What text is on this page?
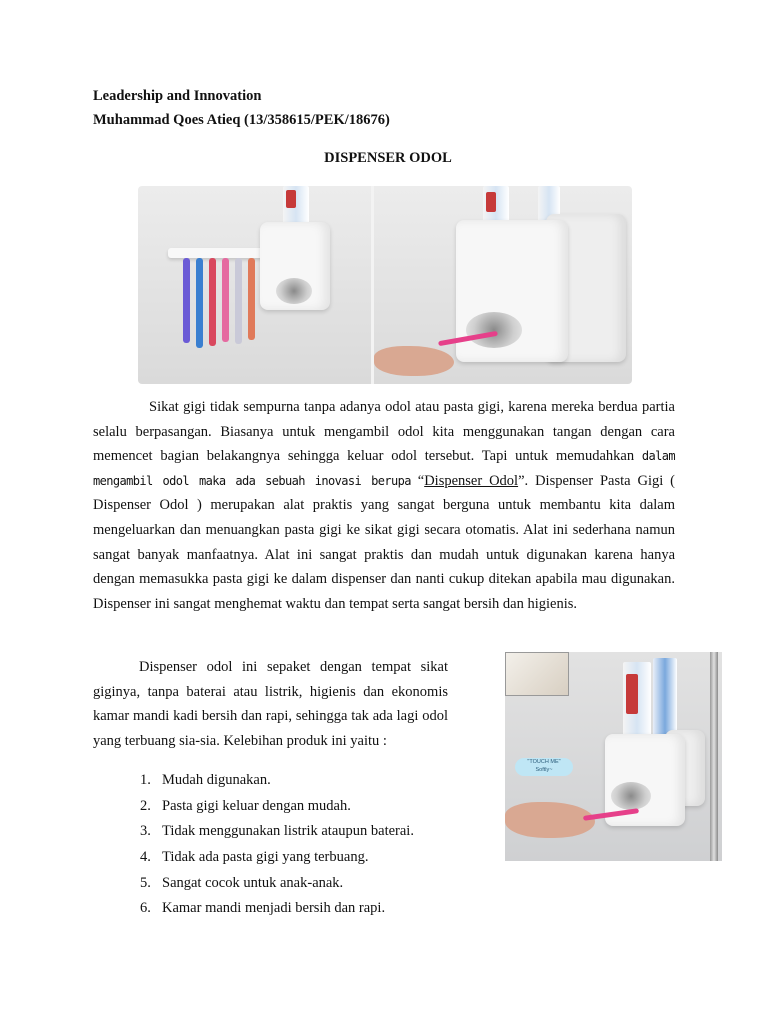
Leadership and Innovation
Muhammad Qoes Atieq (13/358615/PEK/18676)
DISPENSER ODOL

Sikat gigi tidak sempurna tanpa adanya odol atau pasta gigi, karena mereka berdua partia selalu berpasangan. Biasanya untuk mengambil odol kita menggunakan tangan dengan cara memencet bagian belakangnya sehingga keluar odol tersebut. Tapi untuk memudahkan dalam mengambil odol maka ada sebuah inovasi berupa “Dispenser Odol”. Dispenser Pasta Gigi ( Dispenser Odol ) merupakan alat praktis yang sangat berguna untuk membantu kita dalam mengeluarkan dan menuangkan pasta gigi ke sikat gigi secara otomatis. Alat ini sederhana namun sangat banyak manfaatnya. Alat ini sangat praktis dan mudah untuk digunakan karena hanya dengan memasukka pasta gigi ke dalam dispenser dan nanti cukup ditekan apabila mau digunakan. Dispenser ini sangat menghemat waktu dan tempat serta sangat bersih dan higienis.

Dispenser odol ini sepaket dengan tempat sikat giginya, tanpa baterai atau listrik, higienis dan ekonomis kamar mandi kadi bersih dan rapi, sehingga tak ada lagi odol yang terbuang sia-sia. Kelebihan produk ini yaitu :

1. Mudah digunakan.
2. Pasta gigi keluar dengan mudah.
3. Tidak menggunakan listrik ataupun baterai.
4. Tidak ada pasta gigi yang terbuang.
5. Sangat cocok untuk anak-anak.
6. Kamar mandi menjadi bersih dan rapi.
"TOUCH ME"
Softly~
